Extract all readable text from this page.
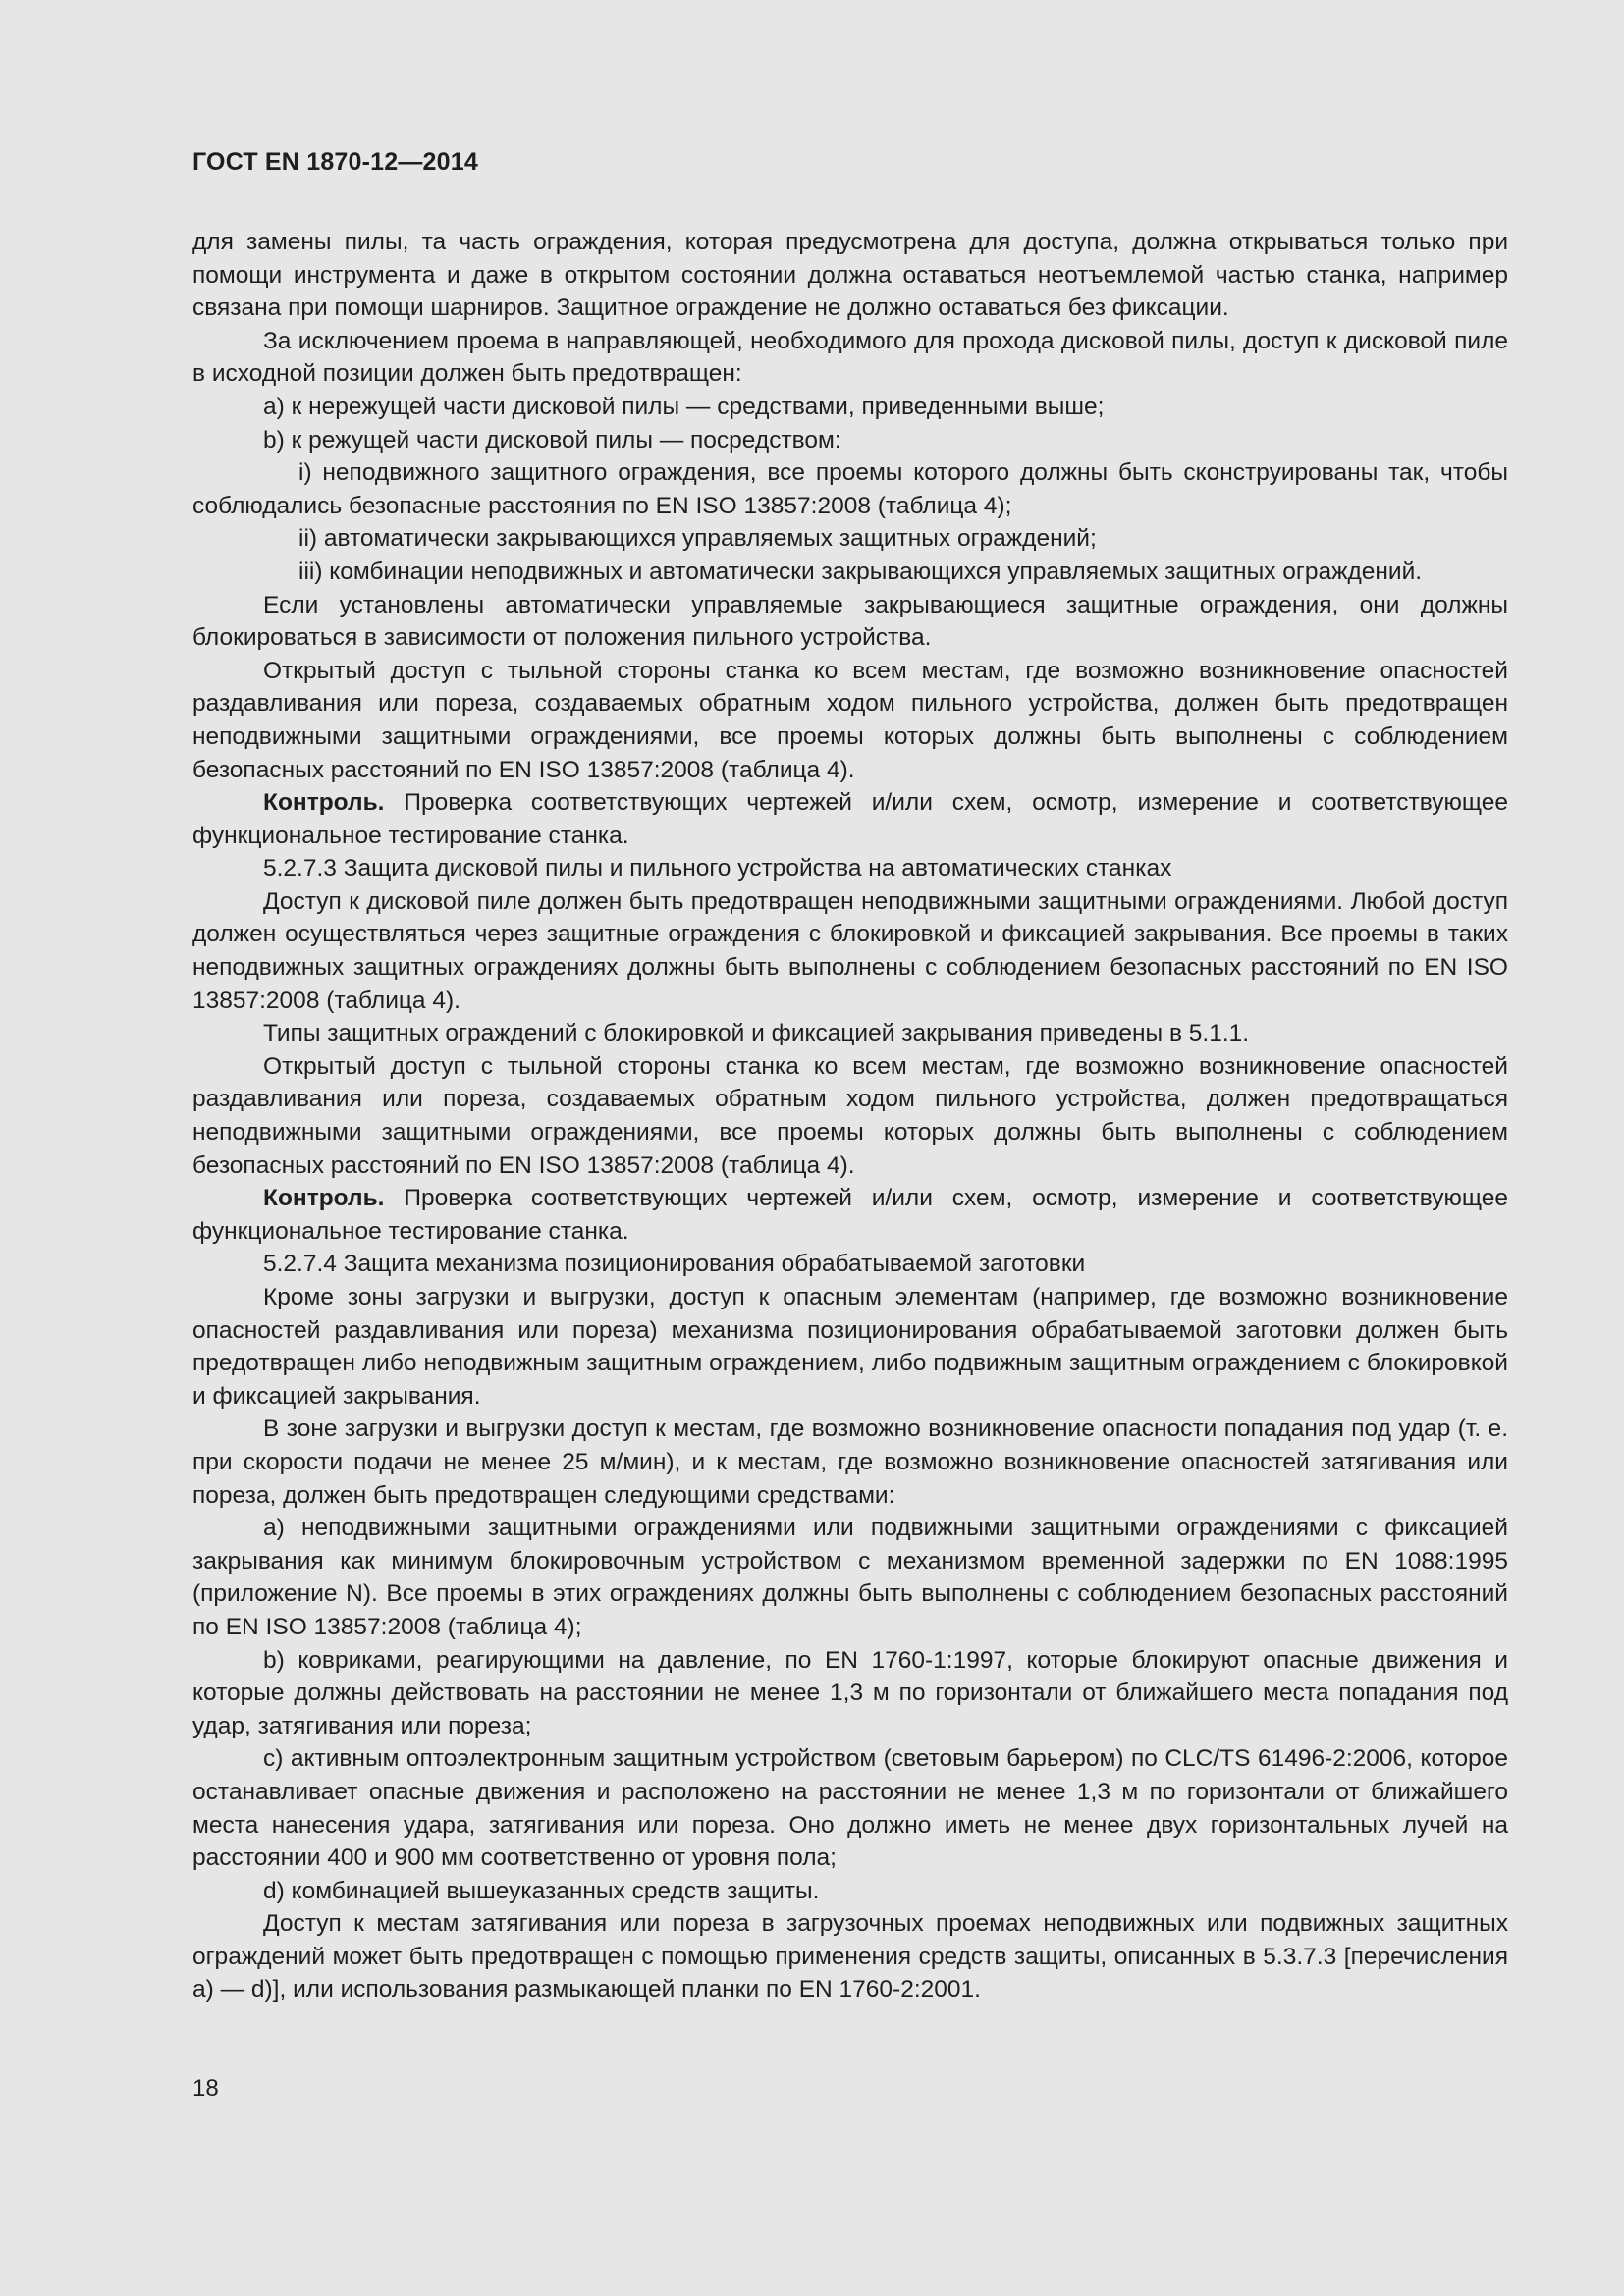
ГОСТ EN 1870-12—2014

для замены пилы, та часть ограждения, которая предусмотрена для доступа, должна открываться только при помощи инструмента и даже в открытом состоянии должна оставаться неотъемлемой частью станка, например связана при помощи шарниров. Защитное ограждение не должно оставаться без фиксации.

За исключением проема в направляющей, необходимого для прохода дисковой пилы, доступ к дисковой пиле в исходной позиции должен быть предотвращен:

a) к нережущей части дисковой пилы — средствами, приведенными выше;

b) к режущей части дисковой пилы — посредством:

i) неподвижного защитного ограждения, все проемы которого должны быть сконструированы так, чтобы соблюдались безопасные расстояния по EN ISO 13857:2008 (таблица 4);

ii) автоматически закрывающихся управляемых защитных ограждений;

iii) комбинации неподвижных и автоматически закрывающихся управляемых защитных ограждений.

Если установлены автоматически управляемые закрывающиеся защитные ограждения, они должны блокироваться в зависимости от положения пильного устройства.

Открытый доступ с тыльной стороны станка ко всем местам, где возможно возникновение опасностей раздавливания или пореза, создаваемых обратным ходом пильного устройства, должен быть предотвращен неподвижными защитными ограждениями, все проемы которых должны быть выполнены с соблюдением безопасных расстояний по EN ISO 13857:2008 (таблица 4).

Контроль. Проверка соответствующих чертежей и/или схем, осмотр, измерение и соответствующее функциональное тестирование станка.

5.2.7.3 Защита дисковой пилы и пильного устройства на автоматических станках

Доступ к дисковой пиле должен быть предотвращен неподвижными защитными ограждениями. Любой доступ должен осуществляться через защитные ограждения с блокировкой и фиксацией закрывания. Все проемы в таких неподвижных защитных ограждениях должны быть выполнены с соблюдением безопасных расстояний по EN ISO 13857:2008 (таблица 4).

Типы защитных ограждений с блокировкой и фиксацией закрывания приведены в 5.1.1.

Открытый доступ с тыльной стороны станка ко всем местам, где возможно возникновение опасностей раздавливания или пореза, создаваемых обратным ходом пильного устройства, должен предотвращаться неподвижными защитными ограждениями, все проемы которых должны быть выполнены с соблюдением безопасных расстояний по EN ISO 13857:2008 (таблица 4).

Контроль. Проверка соответствующих чертежей и/или схем, осмотр, измерение и соответствующее функциональное тестирование станка.

5.2.7.4 Защита механизма позиционирования обрабатываемой заготовки

Кроме зоны загрузки и выгрузки, доступ к опасным элементам (например, где возможно возникновение опасностей раздавливания или пореза) механизма позиционирования обрабатываемой заготовки должен быть предотвращен либо неподвижным защитным ограждением, либо подвижным защитным ограждением с блокировкой и фиксацией закрывания.

В зоне загрузки и выгрузки доступ к местам, где возможно возникновение опасности попадания под удар (т. е. при скорости подачи не менее 25 м/мин), и к местам, где возможно возникновение опасностей затягивания или пореза, должен быть предотвращен следующими средствами:

a) неподвижными защитными ограждениями или подвижными защитными ограждениями с фиксацией закрывания как минимум блокировочным устройством с механизмом временной задержки по EN 1088:1995 (приложение N). Все проемы в этих ограждениях должны быть выполнены с соблюдением безопасных расстояний по EN ISO 13857:2008 (таблица 4);

b) ковриками, реагирующими на давление, по EN 1760-1:1997, которые блокируют опасные движения и которые должны действовать на расстоянии не менее 1,3 м по горизонтали от ближайшего места попадания под удар, затягивания или пореза;

c) активным оптоэлектронным защитным устройством (световым барьером) по CLC/TS 61496-2:2006, которое останавливает опасные движения и расположено на расстоянии не менее 1,3 м по горизонтали от ближайшего места нанесения удара, затягивания или пореза. Оно должно иметь не менее двух горизонтальных лучей на расстоянии 400 и 900 мм соответственно от уровня пола;

d) комбинацией вышеуказанных средств защиты.

Доступ к местам затягивания или пореза в загрузочных проемах неподвижных или подвижных защитных ограждений может быть предотвращен с помощью применения средств защиты, описанных в 5.3.7.3 [перечисления a) — d)], или использования размыкающей планки по EN 1760-2:2001.

18
